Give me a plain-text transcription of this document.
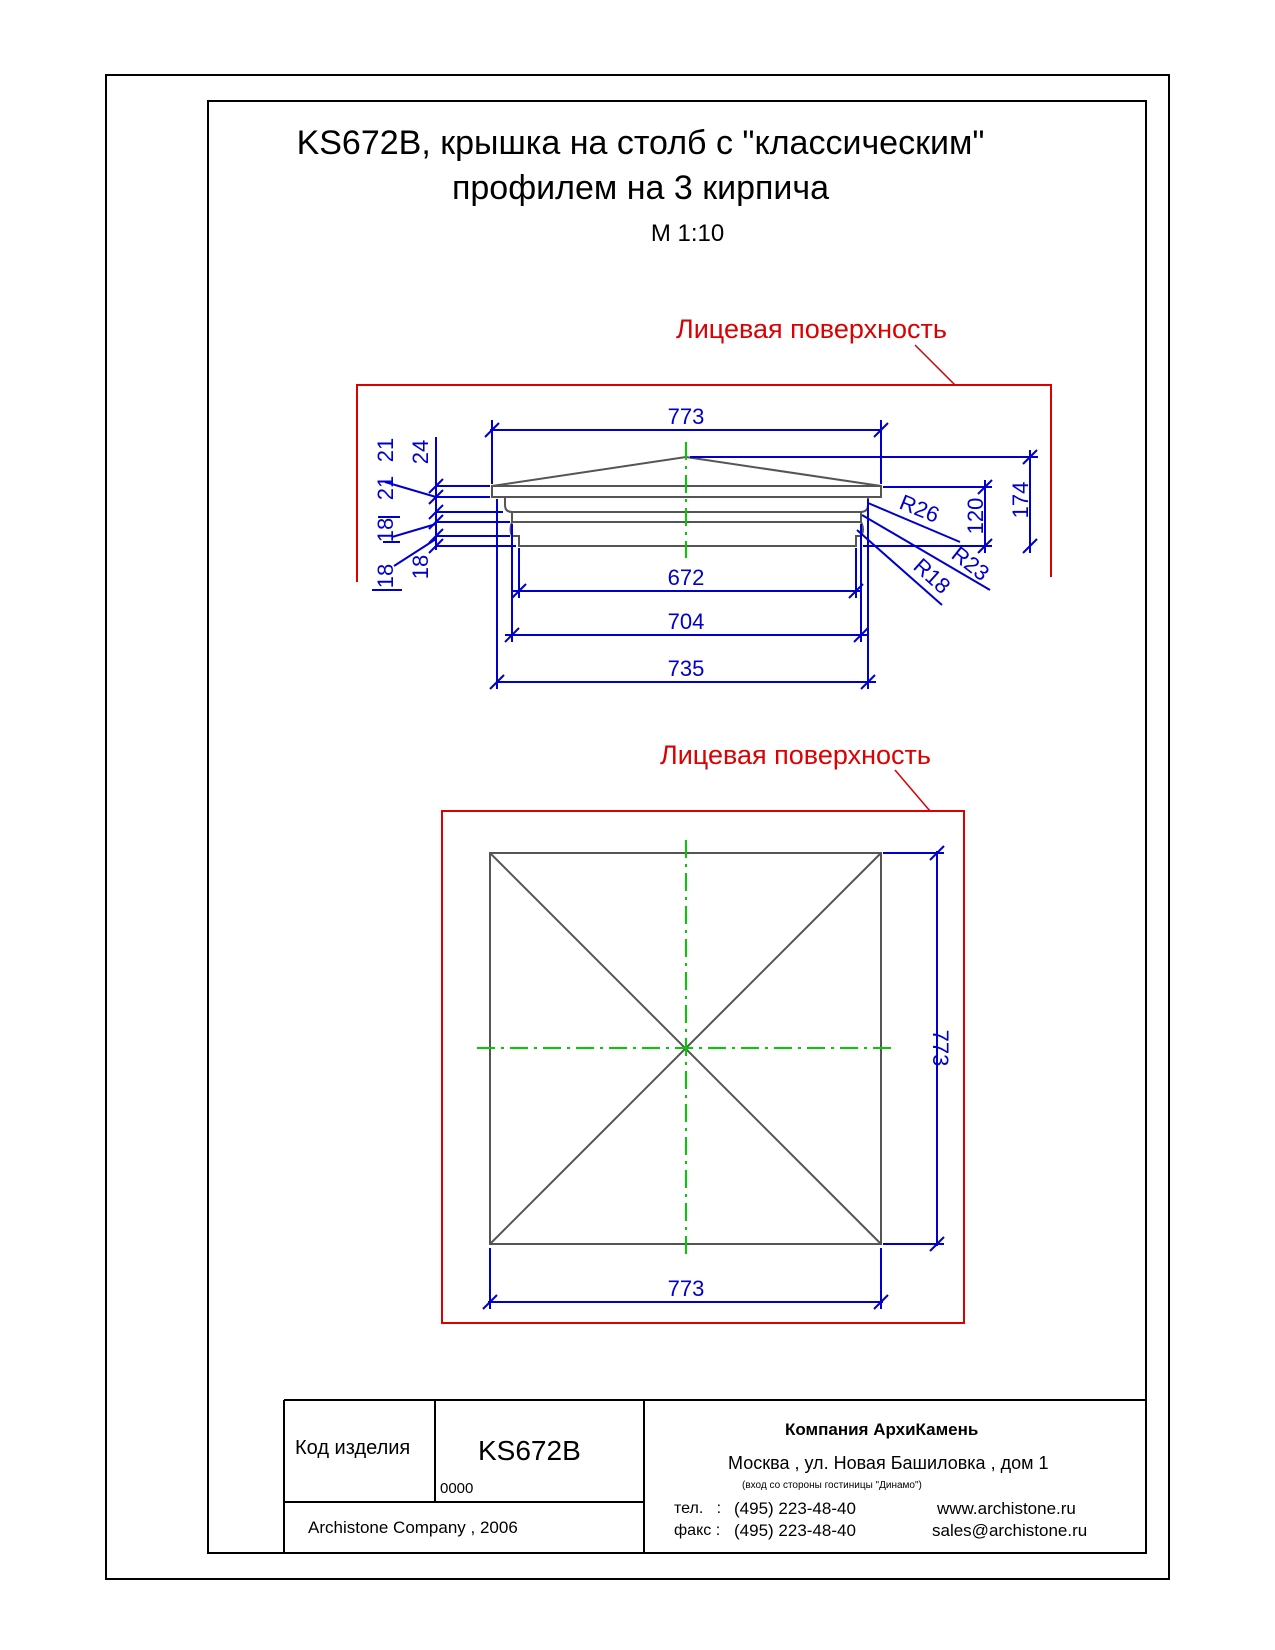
773
672
704
735
120 174
R26
R23
R18
21 24
21
18
18 18
773
773
KS672B, крышка на столб с "классическим"
профилем на 3 кирпича
М 1:10
Лицевая поверхность
Лицевая поверхность
Код изделия KS672B
0000
Archistone Company , 2006
Компания АрхиКамень
Москва , ул. Новая Башиловка , дом 1
(вход со стороны гостиницы "Динамо")
тел.   : (495) 223-48-40
факс : (495) 223-48-40
www.archistone.ru
sales@archistone.ru
